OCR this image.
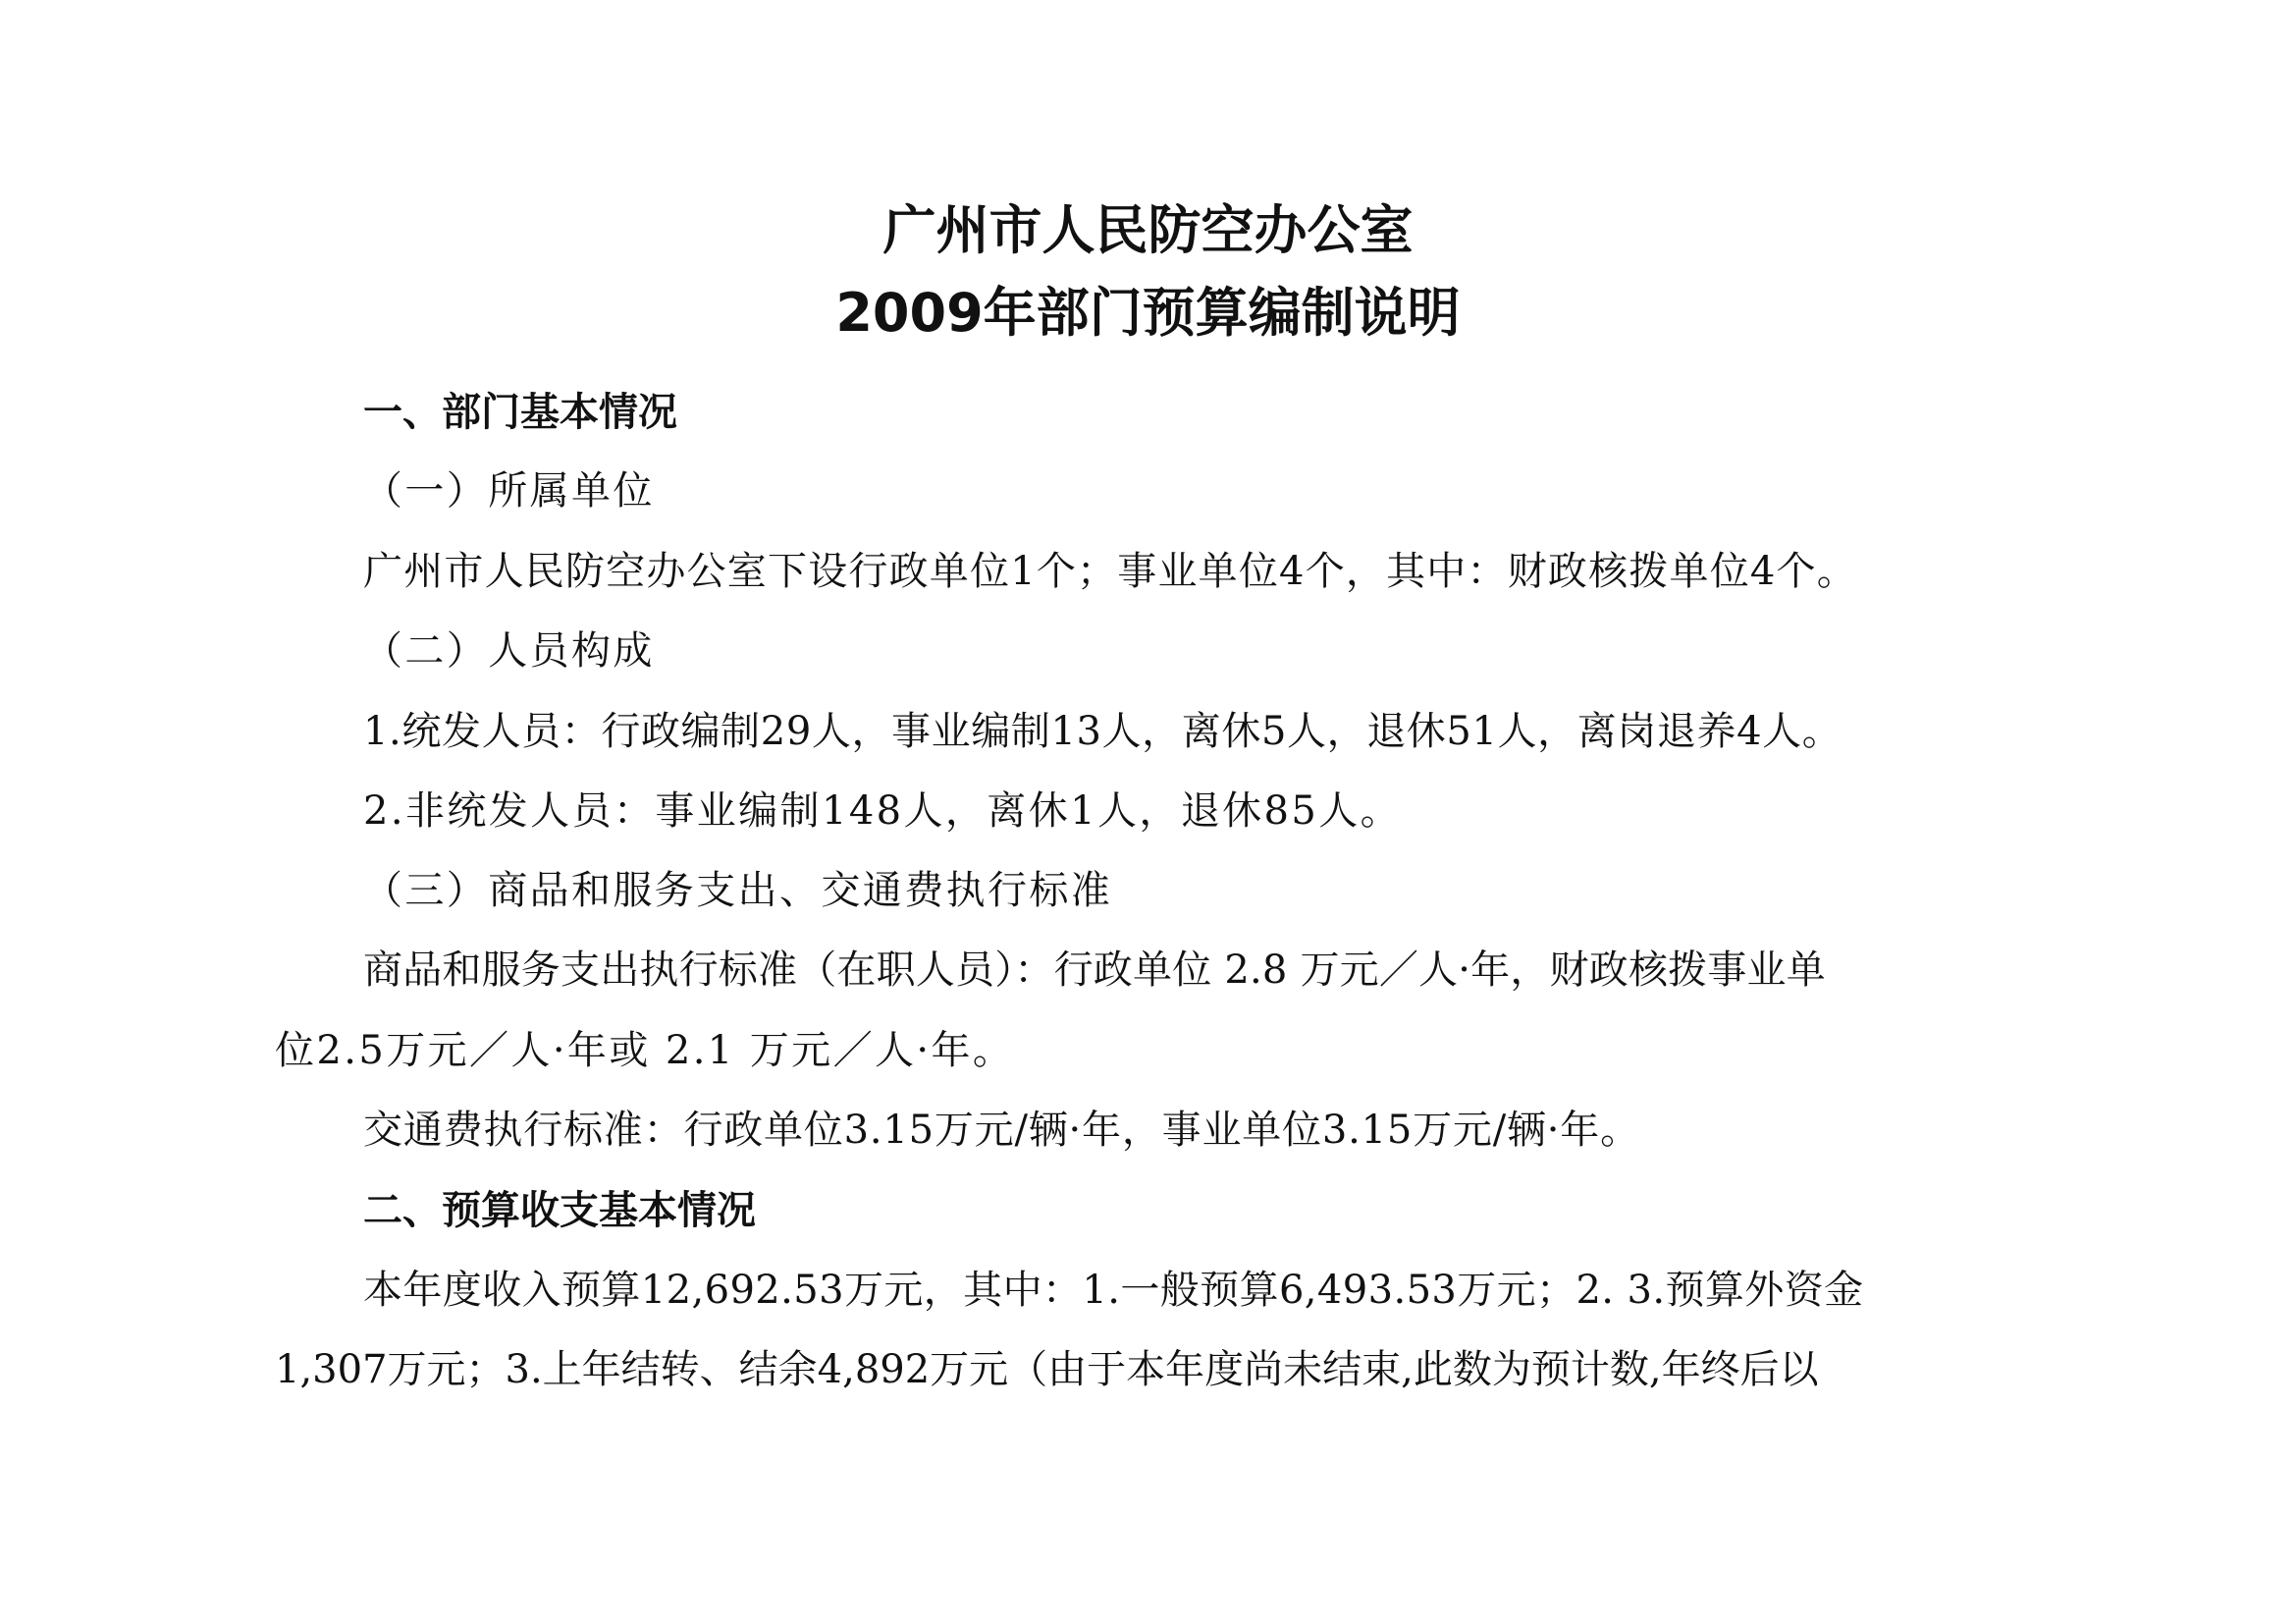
广州市人民防空办公室
2009年部门预算编制说明
一、部门基本情况
（一）所属单位
广州市人民防空办公室下设行政单位1个；事业单位4个，其中：财政核拨单位4个。
（二）人员构成
1.统发人员：行政编制29人，事业编制13人，离休5人，退休51人，离岗退养4人。
2.非统发人员：事业编制148人，离休1人，退休85人。
（三）商品和服务支出、交通费执行标准
商品和服务支出执行标准（在职人员）：行政单位 2.8 万元／人·年，财政核拨事业单
位2.5万元／人·年或 2.1 万元／人·年。
交通费执行标准：行政单位3.15万元/辆·年，事业单位3.15万元/辆·年。
二、预算收支基本情况
本年度收入预算12,692.53万元，其中：1.一般预算6,493.53万元；2. 3.预算外资金
1,307万元；3.上年结转、结余4,892万元（由于本年度尚未结束,此数为预计数,年终后以
